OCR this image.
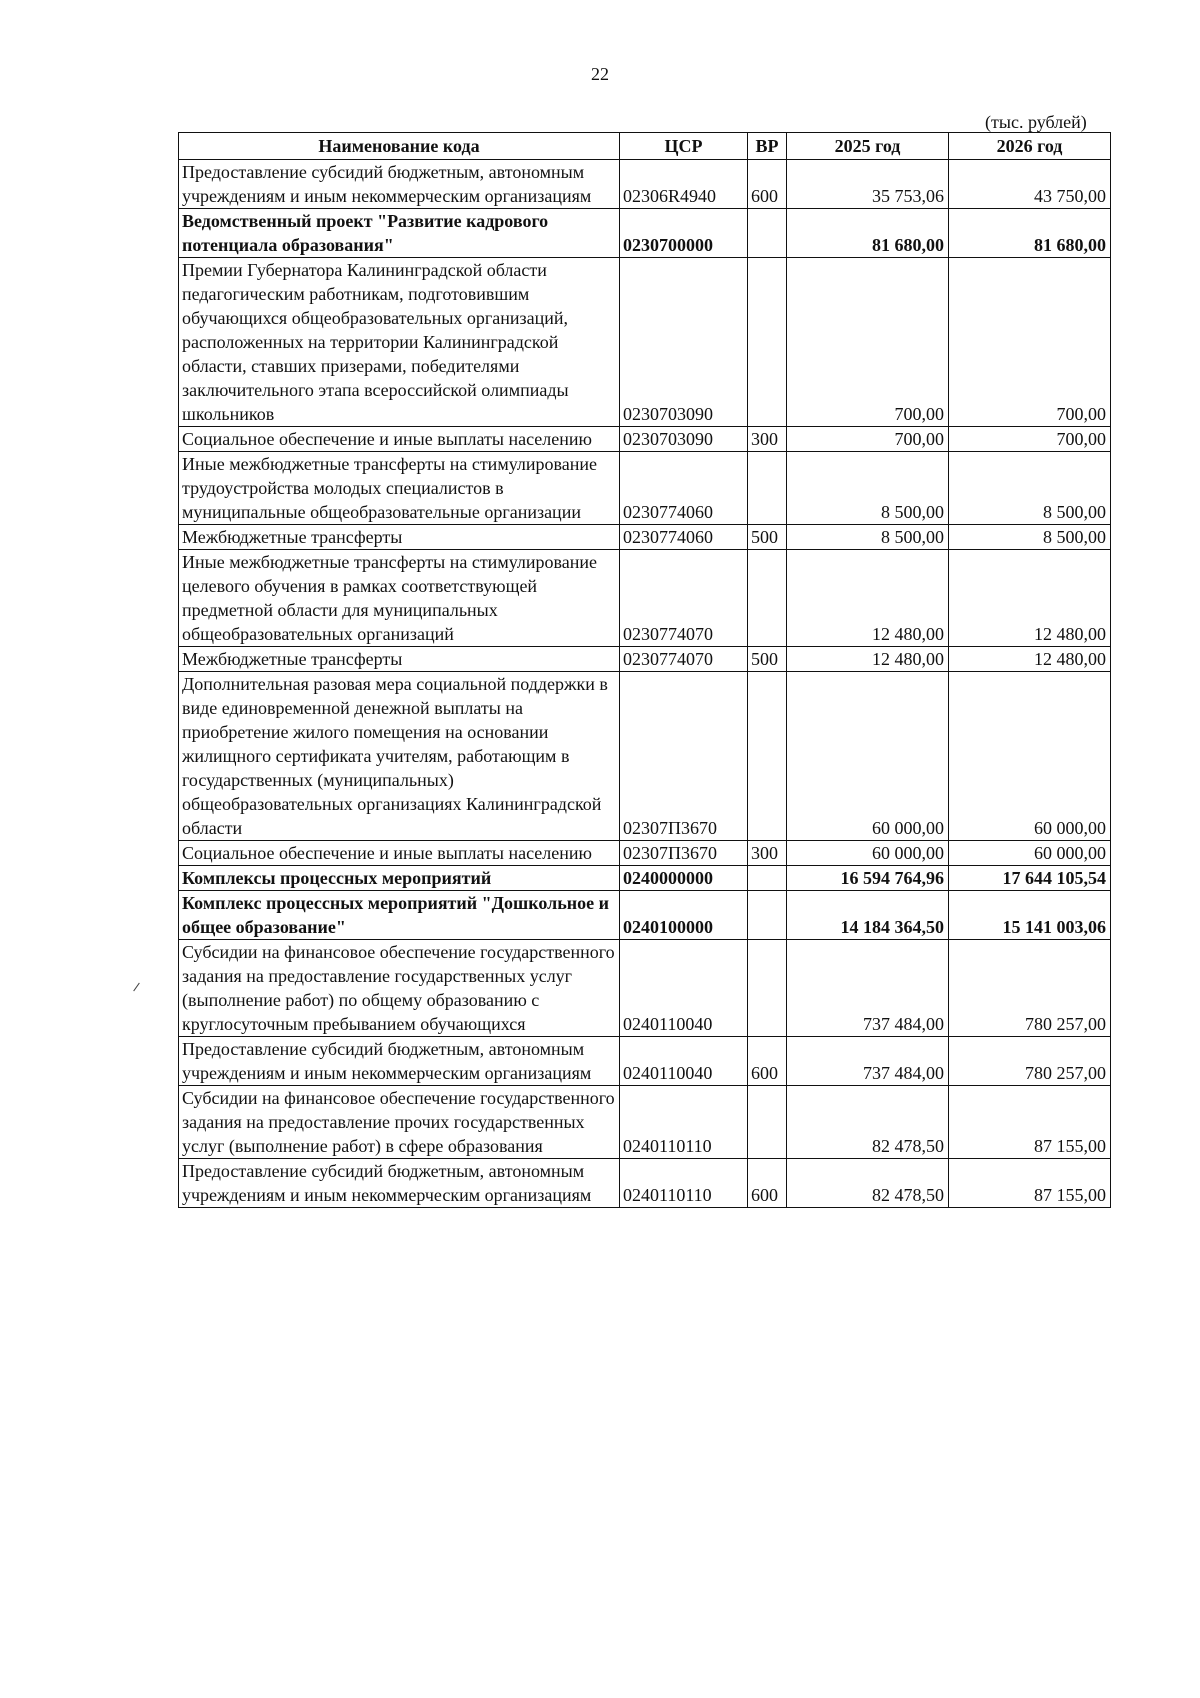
22
(тыс. рублей)
Наименование кода	ЦСР	ВР	2025 год	2026 год
Предоставление субсидий бюджетным, автономным учреждениям и иным некоммерческим организациям	02306R4940	600	35 753,06	43 750,00
Ведомственный проект "Развитие кадрового потенциала образования"	0230700000		81 680,00	81 680,00
Премии Губернатора Калининградской области педагогическим работникам, подготовившим обучающихся общеобразовательных организаций, расположенных на территории Калининградской области, ставших призерами, победителями заключительного этапа всероссийской олимпиады школьников	0230703090		700,00	700,00
Социальное обеспечение и иные выплаты населению	0230703090	300	700,00	700,00
Иные межбюджетные трансферты на стимулирование трудоустройства молодых специалистов в муниципальные общеобразовательные организации	0230774060		8 500,00	8 500,00
Межбюджетные трансферты	0230774060	500	8 500,00	8 500,00
Иные межбюджетные трансферты на стимулирование целевого обучения в рамках соответствующей предметной области для муниципальных общеобразовательных организаций	0230774070		12 480,00	12 480,00
Межбюджетные трансферты	0230774070	500	12 480,00	12 480,00
Дополнительная разовая мера социальной поддержки в виде единовременной денежной выплаты на приобретение жилого помещения на основании жилищного сертификата учителям, работающим в государственных (муниципальных) общеобразовательных организациях Калининградской области	02307П3670		60 000,00	60 000,00
Социальное обеспечение и иные выплаты населению	02307П3670	300	60 000,00	60 000,00
Комплексы процессных мероприятий	0240000000		16 594 764,96	17 644 105,54
Комплекс процессных мероприятий "Дошкольное и общее образование"	0240100000		14 184 364,50	15 141 003,06
Субсидии на финансовое обеспечение государственного задания на предоставление государственных услуг (выполнение работ) по общему образованию с круглосуточным пребыванием обучающихся	0240110040		737 484,00	780 257,00
Предоставление субсидий бюджетным, автономным учреждениям и иным некоммерческим организациям	0240110040	600	737 484,00	780 257,00
Субсидии на финансовое обеспечение государственного задания на предоставление прочих государственных услуг (выполнение работ) в сфере образования	0240110110		82 478,50	87 155,00
Предоставление субсидий бюджетным, автономным учреждениям и иным некоммерческим организациям	0240110110	600	82 478,50	87 155,00
